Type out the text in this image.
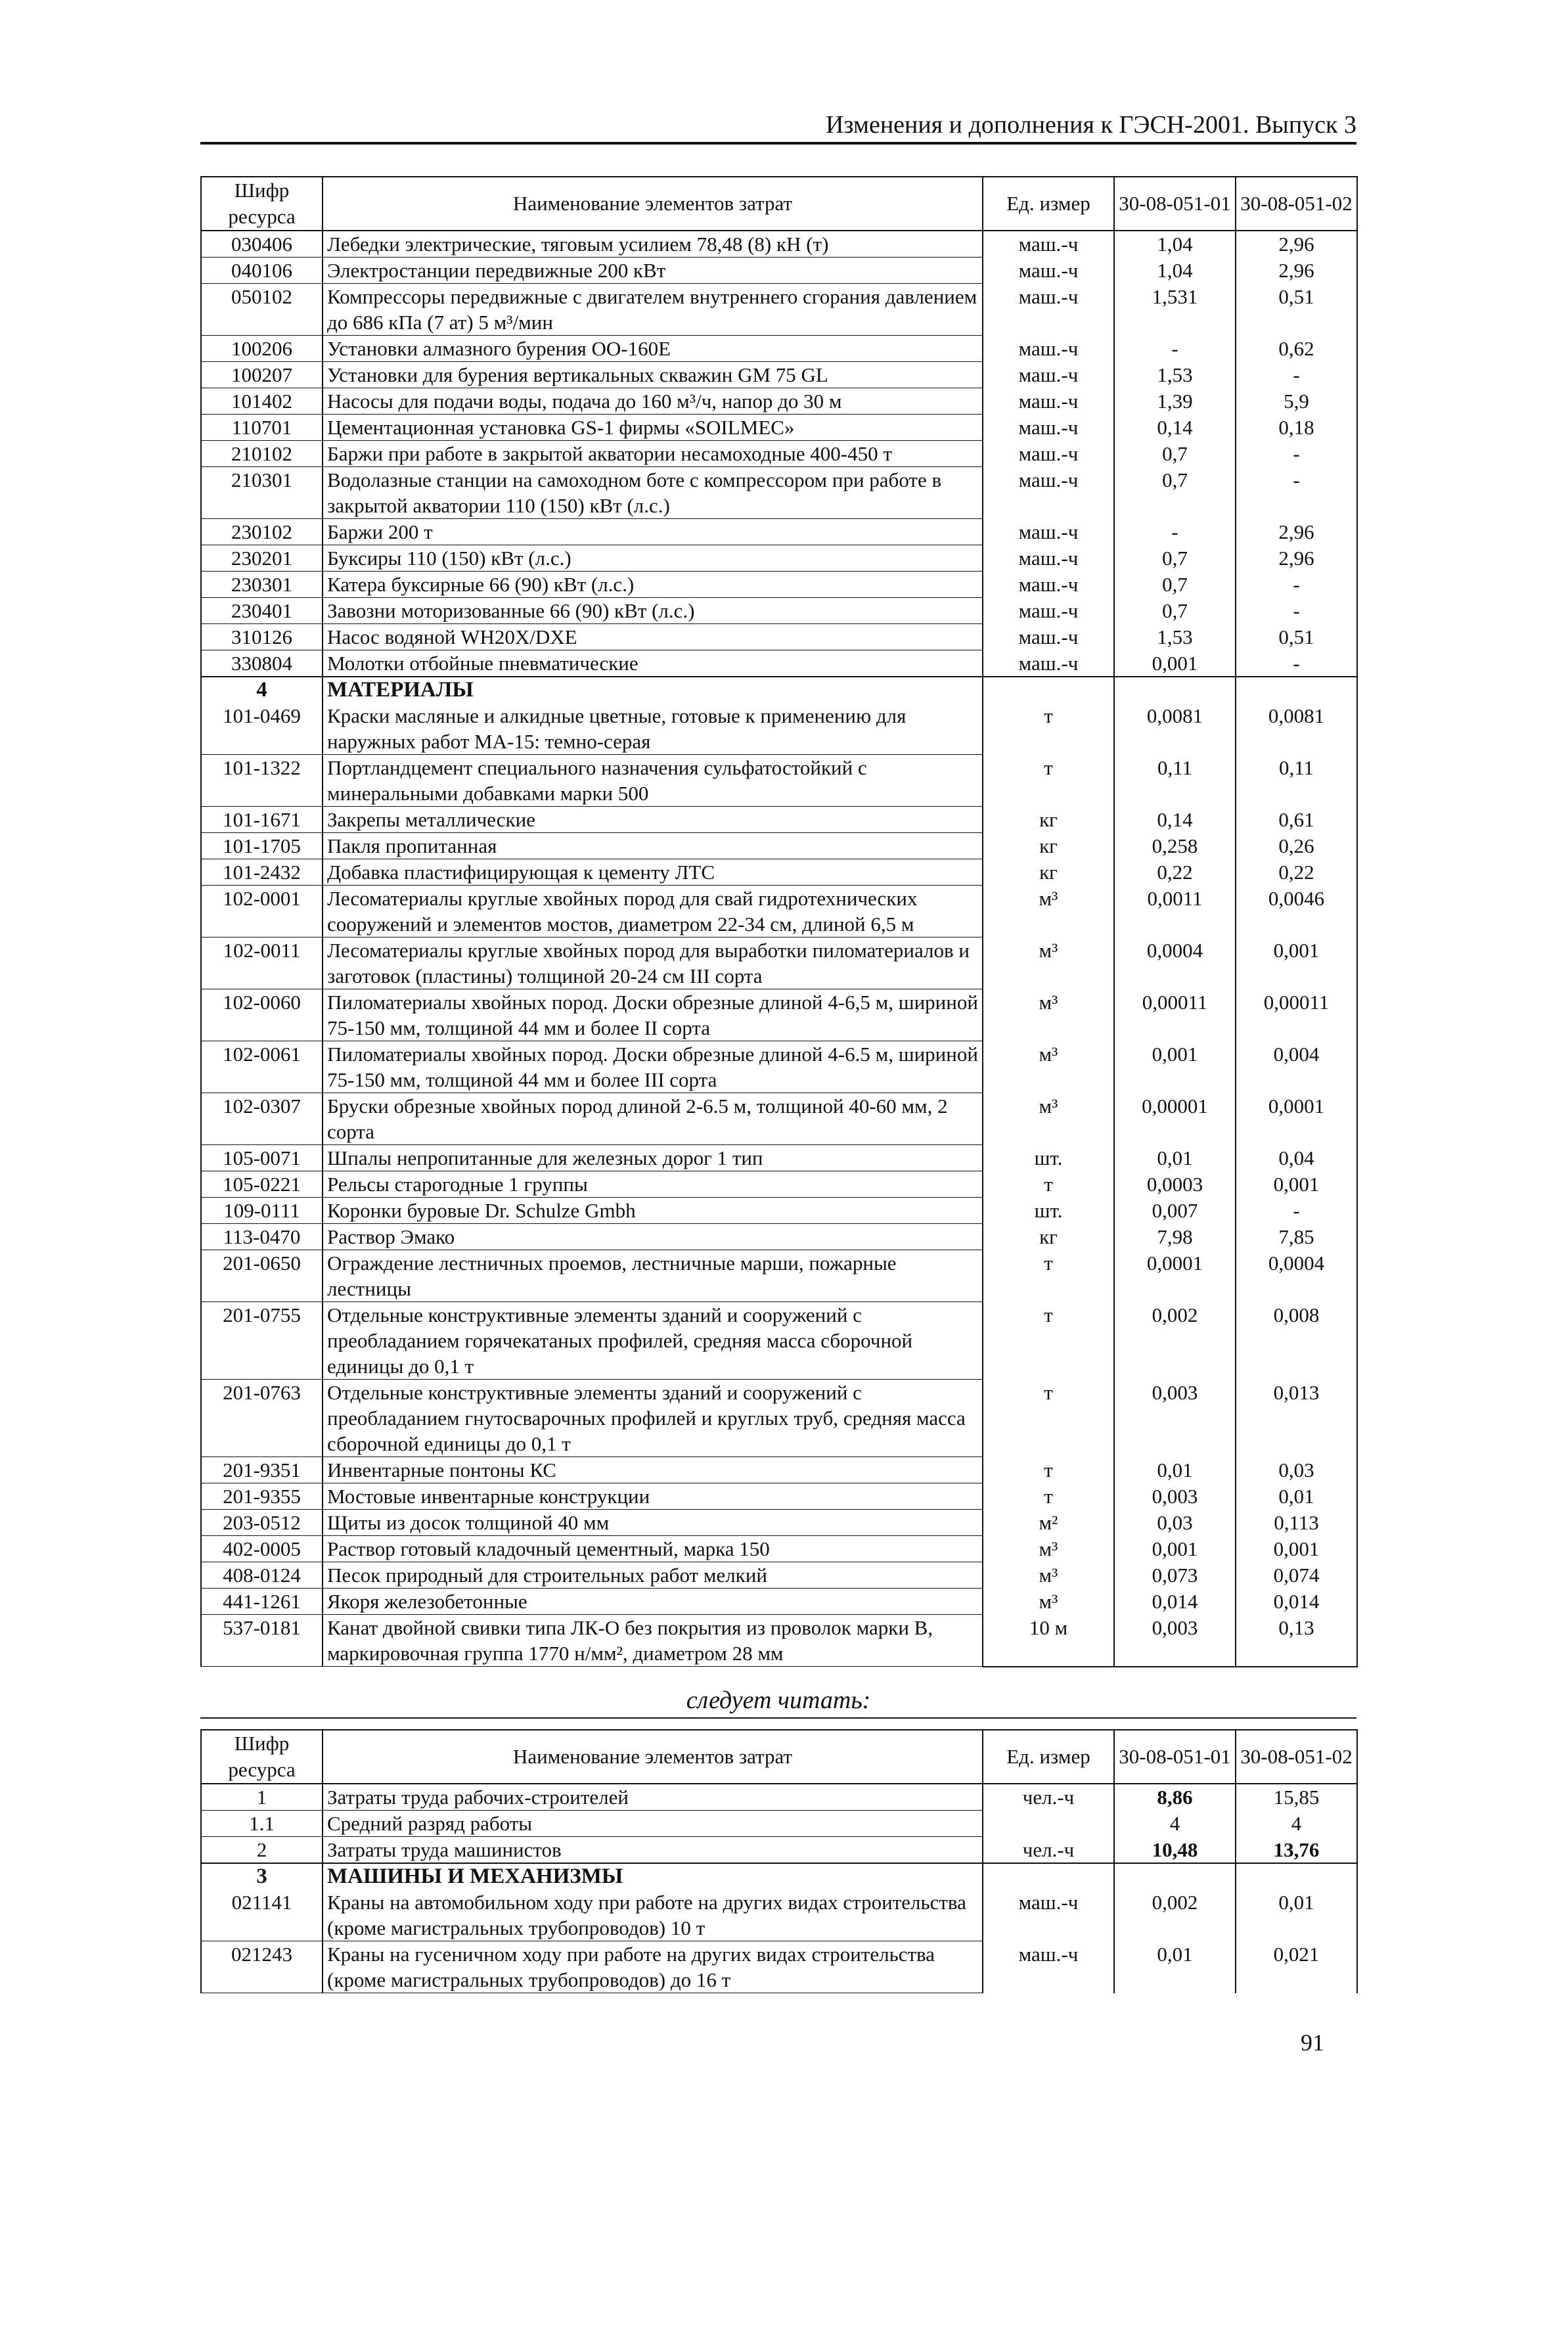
Изменения и дополнения к ГЭСН-2001. Выпуск 3
Шифр ресурса	Наименование элементов затрат	Ед. измер	30-08-051-01	30-08-051-02
030406	Лебедки электрические, тяговым усилием 78,48 (8) кН (т)	маш.-ч	1,04	2,96
040106	Электростанции передвижные 200 кВт	маш.-ч	1,04	2,96
050102	Компрессоры передвижные с двигателем внутреннего сгорания давлением до 686 кПа (7 ат) 5 м³/мин	маш.-ч	1,531	0,51
100206	Установки алмазного бурения ОО-160Е	маш.-ч	-	0,62
100207	Установки для бурения вертикальных скважин GM 75 GL	маш.-ч	1,53	-
101402	Насосы для подачи воды, подача до 160 м³/ч, напор до 30 м	маш.-ч	1,39	5,9
110701	Цементационная установка GS-1 фирмы «SOILMEC»	маш.-ч	0,14	0,18
210102	Баржи при работе в закрытой акватории несамоходные 400-450 т	маш.-ч	0,7	-
210301	Водолазные станции на самоходном боте с компрессором при работе в закрытой акватории 110 (150) кВт (л.с.)	маш.-ч	0,7	-
230102	Баржи 200 т	маш.-ч	-	2,96
230201	Буксиры 110 (150) кВт (л.с.)	маш.-ч	0,7	2,96
230301	Катера буксирные 66 (90) кВт (л.с.)	маш.-ч	0,7	-
230401	Завозни моторизованные 66 (90) кВт (л.с.)	маш.-ч	0,7	-
310126	Насос водяной WH20X/DXE	маш.-ч	1,53	0,51
330804	Молотки отбойные пневматические	маш.-ч	0,001	-
4	МАТЕРИАЛЫ			
101-0469	Краски масляные и алкидные цветные, готовые к применению для наружных работ МА-15: темно-серая	т	0,0081	0,0081
101-1322	Портландцемент специального назначения сульфатостойкий с минеральными добавками марки 500	т	0,11	0,11
101-1671	Закрепы металлические	кг	0,14	0,61
101-1705	Пакля пропитанная	кг	0,258	0,26
101-2432	Добавка пластифицирующая к цементу ЛТС	кг	0,22	0,22
102-0001	Лесоматериалы круглые хвойных пород для свай гидротехнических сооружений и элементов мостов, диаметром 22-34 см, длиной 6,5 м	м³	0,0011	0,0046
102-0011	Лесоматериалы круглые хвойных пород для выработки пиломатериалов и заготовок (пластины) толщиной 20-24 см III сорта	м³	0,0004	0,001
102-0060	Пиломатериалы хвойных пород. Доски обрезные длиной 4-6,5 м, шириной 75-150 мм, толщиной 44 мм и более II сорта	м³	0,00011	0,00011
102-0061	Пиломатериалы хвойных пород. Доски обрезные длиной 4-6.5 м, шириной 75-150 мм, толщиной 44 мм и более III сорта	м³	0,001	0,004
102-0307	Бруски обрезные хвойных пород длиной 2-6.5 м, толщиной 40-60 мм, 2 сорта	м³	0,00001	0,0001
105-0071	Шпалы непропитанные для железных дорог 1 тип	шт.	0,01	0,04
105-0221	Рельсы старогодные 1 группы	т	0,0003	0,001
109-0111	Коронки буровые Dr. Schulze Gmbh	шт.	0,007	-
113-0470	Раствор Эмако	кг	7,98	7,85
201-0650	Ограждение лестничных проемов, лестничные марши, пожарные лестницы	т	0,0001	0,0004
201-0755	Отдельные конструктивные элементы зданий и сооружений с преобладанием горячекатаных профилей, средняя масса сборочной единицы до 0,1 т	т	0,002	0,008
201-0763	Отдельные конструктивные элементы зданий и сооружений с преобладанием гнутосварочных профилей и круглых труб, средняя масса сборочной единицы до 0,1 т	т	0,003	0,013
201-9351	Инвентарные понтоны КС	т	0,01	0,03
201-9355	Мостовые инвентарные конструкции	т	0,003	0,01
203-0512	Щиты из досок толщиной 40 мм	м²	0,03	0,113
402-0005	Раствор готовый кладочный цементный, марка 150	м³	0,001	0,001
408-0124	Песок природный для строительных работ мелкий	м³	0,073	0,074
441-1261	Якоря железобетонные	м³	0,014	0,014
537-0181	Канат двойной свивки типа ЛК-О без покрытия из проволок марки В, маркировочная группа 1770 н/мм², диаметром 28 мм	10 м	0,003	0,13
следует читать:
Шифр ресурса	Наименование элементов затрат	Ед. измер	30-08-051-01	30-08-051-02
1	Затраты труда рабочих-строителей	чел.-ч	8,86	15,85
1.1	Средний разряд работы		4	4
2	Затраты труда машинистов	чел.-ч	10,48	13,76
3	МАШИНЫ И МЕХАНИЗМЫ			
021141	Краны на автомобильном ходу при работе на других видах строительства (кроме магистральных трубопроводов) 10 т	маш.-ч	0,002	0,01
021243	Краны на гусеничном ходу при работе на других видах строительства (кроме магистральных трубопроводов) до 16 т	маш.-ч	0,01	0,021
91
